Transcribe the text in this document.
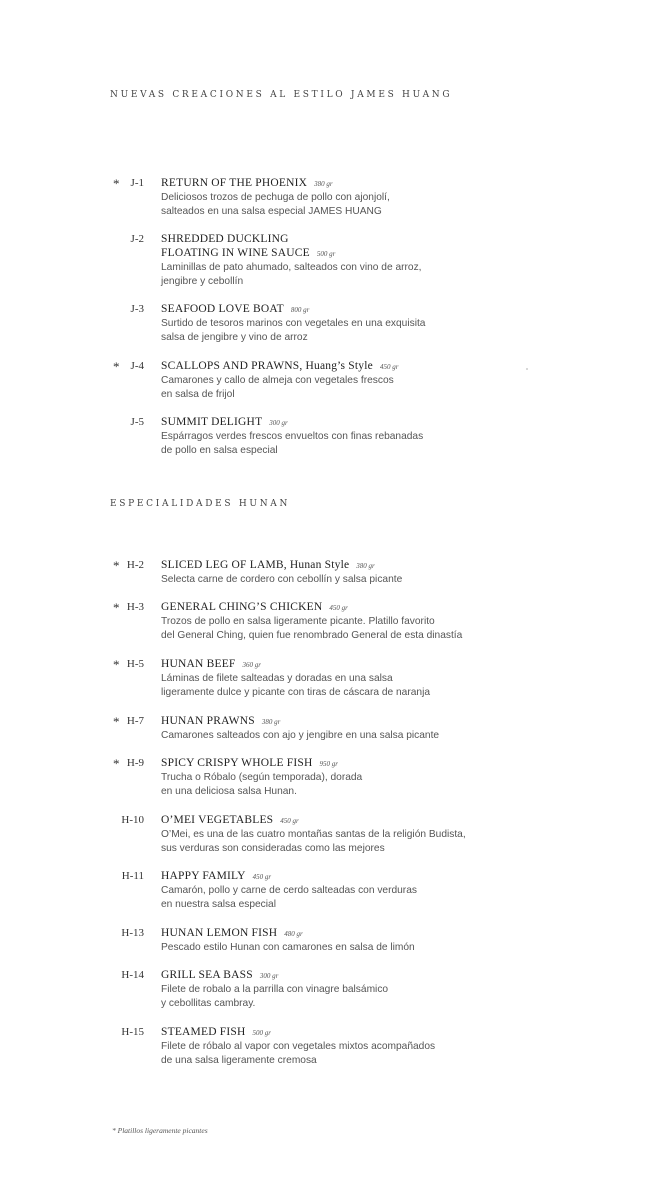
NUEVAS CREACIONES AL ESTILO JAMES HUANG
* J-1 RETURN OF THE PHOENIX 380 gr
Deliciosos trozos de pechuga de pollo con ajonjolí,
salteados en una salsa especial JAMES HUANG
J-2 SHREDDED DUCKLING
FLOATING IN WINE SAUCE 500 gr
Laminillas de pato ahumado, salteados con vino de arroz,
jengibre y cebollín
J-3 SEAFOOD LOVE BOAT 800 gr
Surtido de tesoros marinos con vegetales en una exquisita
salsa de jengibre y vino de arroz
* J-4 SCALLOPS AND PRAWNS, Huang’s Style 450 gr
Camarones y callo de almeja con vegetales frescos
en salsa de frijol
J-5 SUMMIT DELIGHT 300 gr
Espárragos verdes frescos envueltos con finas rebanadas
de pollo en salsa especial
ESPECIALIDADES HUNAN
* H-2 SLICED LEG OF LAMB, Hunan Style 380 gr
Selecta carne de cordero con cebollín y salsa picante
* H-3 GENERAL CHING’S CHICKEN 450 gr
Trozos de pollo en salsa ligeramente picante. Platillo favorito
del General Ching, quien fue renombrado General de esta dinastía
* H-5 HUNAN BEEF 360 gr
Láminas de filete salteadas y doradas en una salsa
ligeramente dulce y picante con tiras de cáscara de naranja
* H-7 HUNAN PRAWNS 380 gr
Camarones salteados con ajo y jengibre en una salsa picante
* H-9 SPICY CRISPY WHOLE FISH 950 gr
Trucha o Róbalo (según temporada), dorada
en una deliciosa salsa Hunan.
H-10 O’MEI VEGETABLES 450 gr
O’Mei, es una de las cuatro montañas santas de la religión Budista,
sus verduras son consideradas como las mejores
H-11 HAPPY FAMILY 450 gr
Camarón, pollo y carne de cerdo salteadas con verduras
en nuestra salsa especial
H-13 HUNAN LEMON FISH 480 gr
Pescado estilo Hunan con camarones en salsa de limón
H-14 GRILL SEA BASS 300 gr
Filete de robalo a la parrilla con vinagre balsámico
y cebollitas cambray.
H-15 STEAMED FISH 500 gr
Filete de róbalo al vapor con vegetales mixtos acompañados
de una salsa ligeramente cremosa
* Platillos ligeramente picantes
